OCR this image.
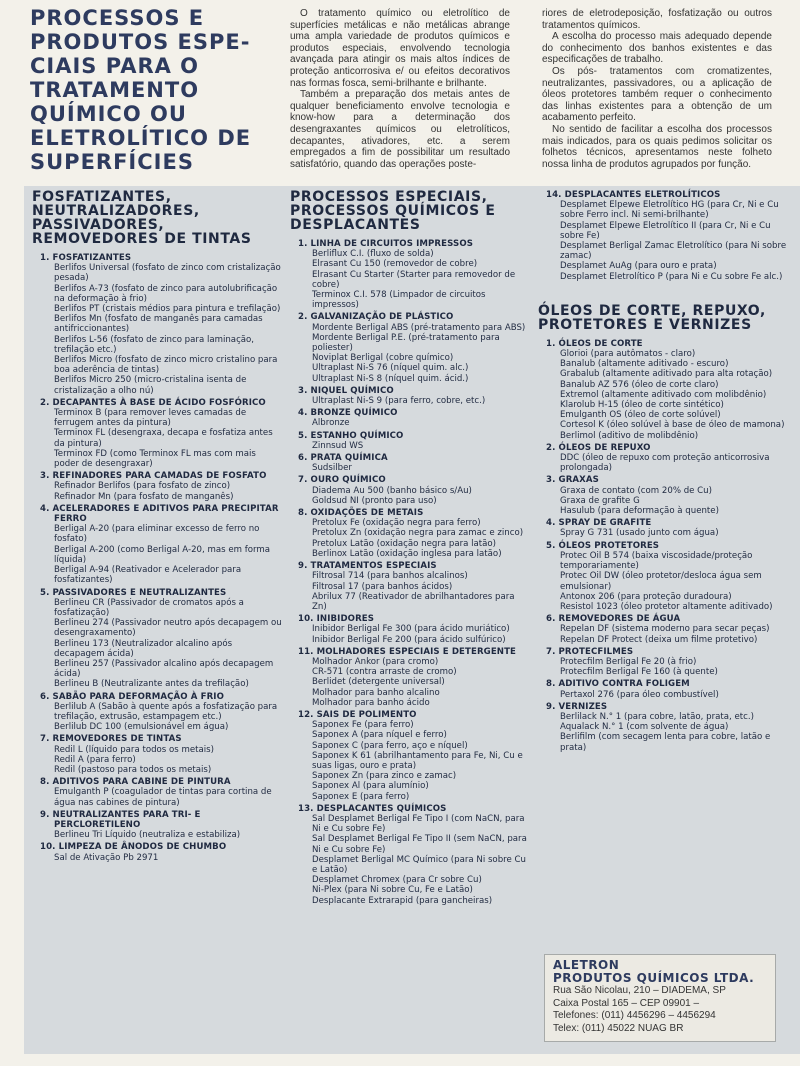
PROCESSOS E
PRODUTOS ESPE-
CIAIS PARA O
TRATAMENTO
QUÍMICO OU
ELETROLÍTICO DE
SUPERFÍCIES

O tratamento químico ou eletrolítico de superfícies metálicas e não metálicas abrange uma ampla variedade de produtos químicos e produtos especiais, envolvendo tecnologia avançada para atingir os mais altos índices de proteção anticorrosiva e/ ou efeitos decorativos nas formas fosca, semi-brilhante e brilhante.

Também a preparação dos metais antes de qualquer beneficiamento envolve tecnologia e know-how para a determinação dos desengraxantes químicos ou eletrolíticos, decapantes, ativadores, etc. a serem empregados a fim de possibilitar um resultado satisfatório, quando das operações poste-

riores de eletrodeposição, fosfatização ou outros tratamentos químicos.

A escolha do processo mais adequado depende do conhecimento dos banhos existentes e das especificações de trabalho.

Os pós- tratamentos com cromatizentes, neutralizantes, passivadores, ou a aplicação de óleos protetores também requer o conhecimento das linhas existentes para a obtenção de um acabamento perfeito.

No sentido de facilitar a escolha dos processos mais indicados, para os quais pedimos solicitar os folhetos técnicos, apresentamos neste folheto nossa linha de produtos agrupados por função.

FOSFATIZANTES, NEUTRALIZADORES, PASSIVADORES, REMOVEDORES DE TINTAS
1. FOSFATIZANTES
Berlifos Universal (fosfato de zinco com cristalização pesada)
Berlifos A-73 (fosfato de zinco para autolubrificação na deformação à frio)
Berlifos PT (cristais médios para pintura e trefilação)
Berlifos Mn (fosfato de manganês para camadas antifriccionantes)
Berlifos L-56 (fosfato de zinco para laminação, trefilação etc.)
Berlifos Micro (fosfato de zinco micro cristalino para boa aderência de tintas)
Berlifos Micro 250 (micro-cristalina isenta de cristalização a olho nú)
2. DECAPANTES À BASE DE ÁCIDO FOSFÓRICO
Terminox B (para remover leves camadas de ferrugem antes da pintura)
Terminox FL (desengraxa, decapa e fosfatiza antes da pintura)
Terminox FD (como Terminox FL mas com mais poder de desengraxar)
3. REFINADORES PARA CAMADAS DE FOSFATO
Refinador Berlifos (para fosfato de zinco)
Refinador Mn (para fosfato de manganês)
4. ACELERADORES E ADITIVOS PARA PRECIPITAR FERRO
Berligal A-20 (para eliminar excesso de ferro no fosfato)
Berligal A-200 (como Berligal A-20, mas em forma líquida)
Berligal A-94 (Reativador e Acelerador para fosfatizantes)
5. PASSIVADORES E NEUTRALIZANTES
Berlineu CR (Passivador de cromatos após a fosfatização)
Berlineu 274 (Passivador neutro após decapagem ou desengraxamento)
Berlineu 173 (Neutralizador alcalino após decapagem ácida)
Berlineu 257 (Passivador alcalino após decapagem ácida)
Berlineu B (Neutralizante antes da trefilação)
6. SABÃO PARA DEFORMAÇÃO À FRIO
Berlilub A (Sabão à quente após a fosfatização para trefilação, extrusão, estampagem etc.)
Berlilub DC 100 (emulsionável em água)
7. REMOVEDORES DE TINTAS
Redil L (líquido para todos os metais)
Redil A (para ferro)
Redil (pastoso para todos os metais)
8. ADITIVOS PARA CABINE DE PINTURA
Emulganth P (coagulador de tintas para cortina de água nas cabines de pintura)
9. NEUTRALIZANTES PARA TRI- E PERCLORETILENO
Berlineu Tri Líquido (neutraliza e estabiliza)
10. LIMPEZA DE ÂNODOS DE CHUMBO
Sal de Ativação Pb 2971
PROCESSOS ESPECIAIS, PROCESSOS QUÍMICOS E DESPLACANTES
1. LINHA DE CIRCUITOS IMPRESSOS
Berliflux C.I. (fluxo de solda)
Elrasant Cu 150 (removedor de cobre)
Elrasant Cu Starter (Starter para removedor de cobre)
Terminox C.I. 578 (Limpador de circuitos impressos)
2. GALVANIZAÇÃO DE PLÁSTICO
Mordente Berligal ABS (pré-tratamento para ABS)
Mordente Berligal P.E. (pré-tratamento para poliester)
Noviplat Berligal (cobre químico)
Ultraplast Ni-S 76 (níquel quim. alc.)
Ultraplast Ni-S 8 (níquel quim. ácid.)
3. NIQUEL QUÍMICO
Ultraplast Ni-S 9 (para ferro, cobre, etc.)
4. BRONZE QUÍMICO
Albronze
5. ESTANHO QUÍMICO
Zinnsud WS
6. PRATA QUÍMICA
Sudsilber
7. OURO QUÍMICO
Diadema Au 500 (banho básico s/Au)
Goldsud NI (pronto para uso)
8. OXIDAÇÕES DE METAIS
Pretolux Fe (oxidação negra para ferro)
Pretolux Zn (oxidação negra para zamac e zinco)
Pretolux Latão (oxidação negra para latão)
Berlinox Latão (oxidação inglesa para latão)
9. TRATAMENTOS ESPECIAIS
Filtrosal 714 (para banhos alcalinos)
Filtrosal 17 (para banhos ácidos)
Abrilux 77 (Reativador de abrilhantadores para Zn)
10. INIBIDORES
Inibidor Berligal Fe 300 (para ácido muriático)
Inibidor Berligal Fe 200 (para ácido sulfúrico)
11. MOLHADORES ESPECIAIS E DETERGENTE
Molhador Ankor (para cromo)
CR-571 (contra arraste de cromo)
Berlidet (detergente universal)
Molhador para banho alcalino
Molhador para banho ácido
12. SAIS DE POLIMENTO
Saponex Fe (para ferro)
Saponex A (para níquel e ferro)
Saponex C (para ferro, aço e níquel)
Saponex K 61 (abrilhantamento para Fe, Ni, Cu e suas ligas, ouro e prata)
Saponex Zn (para zinco e zamac)
Saponex Al (para alumínio)
Saponex E (para ferro)
13. DESPLACANTES QUÍMICOS
Sal Desplamet Berligal Fe Tipo I (com NaCN, para Ni e Cu sobre Fe)
Sal Desplamet Berligal Fe Tipo II (sem NaCN, para Ni e Cu sobre Fe)
Desplamet Berligal MC Químico (para Ni sobre Cu e Latão)
Desplamet Chromex (para Cr sobre Cu)
Ni-Plex (para Ni sobre Cu, Fe e Latão)
Desplacante Extrarapid (para gancheiras)
14. DESPLACANTES ELETROLÍTICOS
Desplamet Elpewe Eletrolítico HG (para Cr, Ni e Cu sobre Ferro incl. Ni semi-brilhante)
Desplamet Elpewe Eletrolítico II (para Cr, Ni e Cu sobre Fe)
Desplamet Berligal Zamac Eletrolítico (para Ni sobre zamac)
Desplamet AuAg (para ouro e prata)
Desplamet Eletrolítico P (para Ni e Cu sobre Fe alc.)
ÓLEOS DE CORTE, REPUXO, PROTETORES E VERNIZES
1. ÓLEOS DE CORTE
Glorioi (para autômatos - claro)
Banalub (altamente aditivado - escuro)
Grabalub (altamente aditivado para alta rotação)
Banalub AZ 576 (óleo de corte claro)
Extremol (altamente aditivado com molibdênio)
Klarolub H-15 (óleo de corte sintético)
Emulganth OS (óleo de corte solúvel)
Cortesol K (óleo solúvel à base de óleo de mamona)
Berlimol (aditivo de molibdênio)
2. ÓLEOS DE REPUXO
DDC (óleo de repuxo com proteção anticorrosiva prolongada)
3. GRAXAS
Graxa de contato (com 20% de Cu)
Graxa de grafite G
Hasulub (para deformação à quente)
4. SPRAY DE GRAFITE
Spray G 731 (usado junto com água)
5. ÓLEOS PROTETORES
Protec Oil B 574 (baixa viscosidade/proteção temporariamente)
Protec Oil DW (óleo protetor/desloca água sem emulsionar)
Antonox 206 (para proteção duradoura)
Resistol 1023 (óleo protetor altamente aditivado)
6. REMOVEDORES DE ÁGUA
Repelan DF (sistema moderno para secar peças)
Repelan DF Protect (deixa um filme protetivo)
7. PROTECFILMES
Protecfilm Berligal Fe 20 (à frio)
Protecfilm Berligal Fe 160 (à quente)
8. ADITIVO CONTRA FOLIGEM
Pertaxol 276 (para óleo combustível)
9. VERNIZES
Berlilack N.° 1 (para cobre, latão, prata, etc.)
Aqualack N.° 1 (com solvente de água)
Berlifilm (com secagem lenta para cobre, latão e prata)
ALETRON
PRODUTOS QUÍMICOS LTDA.
Rua São Nicolau, 210 – DIADEMA, SP
Caixa Postal 165 – CEP 09901 –
Telefones: (011) 4456296 – 4456294
Telex: (011) 45022 NUAG BR
